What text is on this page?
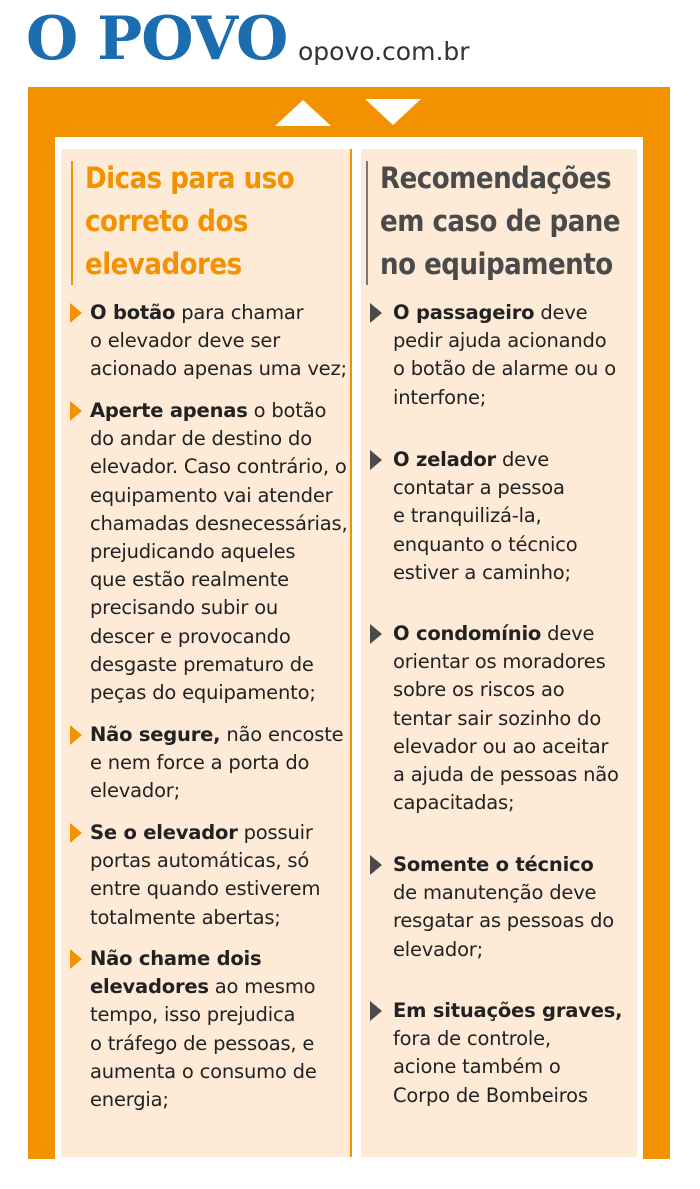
O POVO opovo.com.br
Dicas para uso
correto dos
elevadores
O botão para chamar
o elevador deve ser
acionado apenas uma vez;
Aperte apenas o botão
do andar de destino do
elevador. Caso contrário, o
equipamento vai atender
chamadas desnecessárias,
prejudicando aqueles
que estão realmente
precisando subir ou
descer e provocando
desgaste prematuro de
peças do equipamento;
Não segure, não encoste
e nem force a porta do
elevador;
Se o elevador possuir
portas automáticas, só
entre quando estiverem
totalmente abertas;
Não chame dois
elevadores ao mesmo
tempo, isso prejudica
o tráfego de pessoas, e
aumenta o consumo de
energia;
Recomendações
em caso de pane
no equipamento
O passageiro deve
pedir ajuda acionando
o botão de alarme ou o
interfone;
O zelador deve
contatar a pessoa
e tranquilizá-la,
enquanto o técnico
estiver a caminho;
O condomínio deve
orientar os moradores
sobre os riscos ao
tentar sair sozinho do
elevador ou ao aceitar
a ajuda de pessoas não
capacitadas;
Somente o técnico
de manutenção deve
resgatar as pessoas do
elevador;
Em situações graves,
fora de controle,
acione também o
Corpo de Bombeiros
